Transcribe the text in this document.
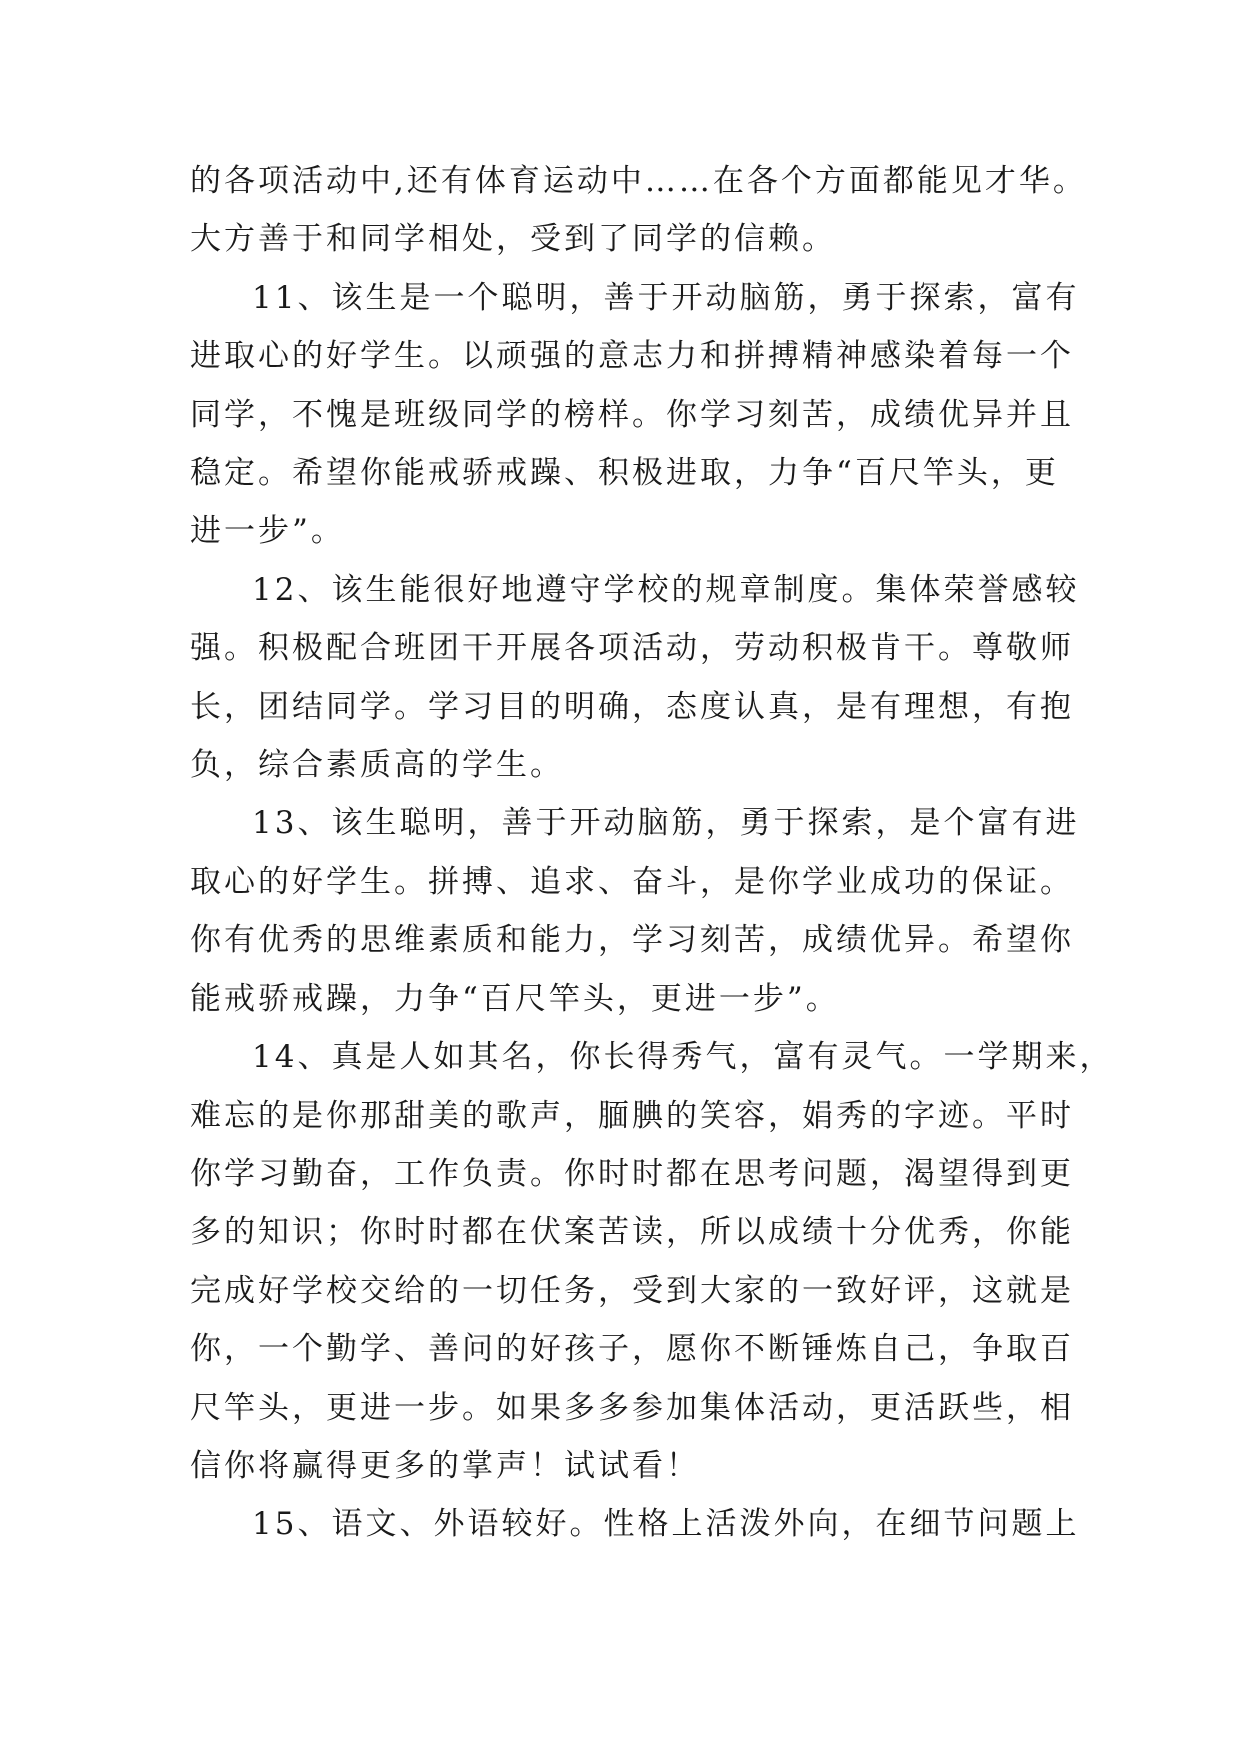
的各项活动中,还有体育运动中……在各个方面都能见才华。
大方善于和同学相处，受到了同学的信赖。

11、该生是一个聪明，善于开动脑筋，勇于探索，富有
进取心的好学生。以顽强的意志力和拼搏精神感染着每一个
同学，不愧是班级同学的榜样。你学习刻苦，成绩优异并且
稳定。希望你能戒骄戒躁、积极进取，力争“百尺竿头，更
进一步”。

12、该生能很好地遵守学校的规章制度。集体荣誉感较
强。积极配合班团干开展各项活动，劳动积极肯干。尊敬师
长，团结同学。学习目的明确，态度认真，是有理想，有抱
负，综合素质高的学生。

13、该生聪明，善于开动脑筋，勇于探索，是个富有进
取心的好学生。拼搏、追求、奋斗，是你学业成功的保证。
你有优秀的思维素质和能力，学习刻苦，成绩优异。希望你
能戒骄戒躁，力争“百尺竿头，更进一步”。

14、真是人如其名，你长得秀气，富有灵气。一学期来，
难忘的是你那甜美的歌声，腼腆的笑容，娟秀的字迹。平时
你学习勤奋，工作负责。你时时都在思考问题，渴望得到更
多的知识；你时时都在伏案苦读，所以成绩十分优秀，你能
完成好学校交给的一切任务，受到大家的一致好评，这就是
你，一个勤学、善问的好孩子，愿你不断锤炼自己，争取百
尺竿头，更进一步。如果多多参加集体活动，更活跃些，相
信你将赢得更多的掌声！试试看！

15、语文、外语较好。性格上活泼外向，在细节问题上
